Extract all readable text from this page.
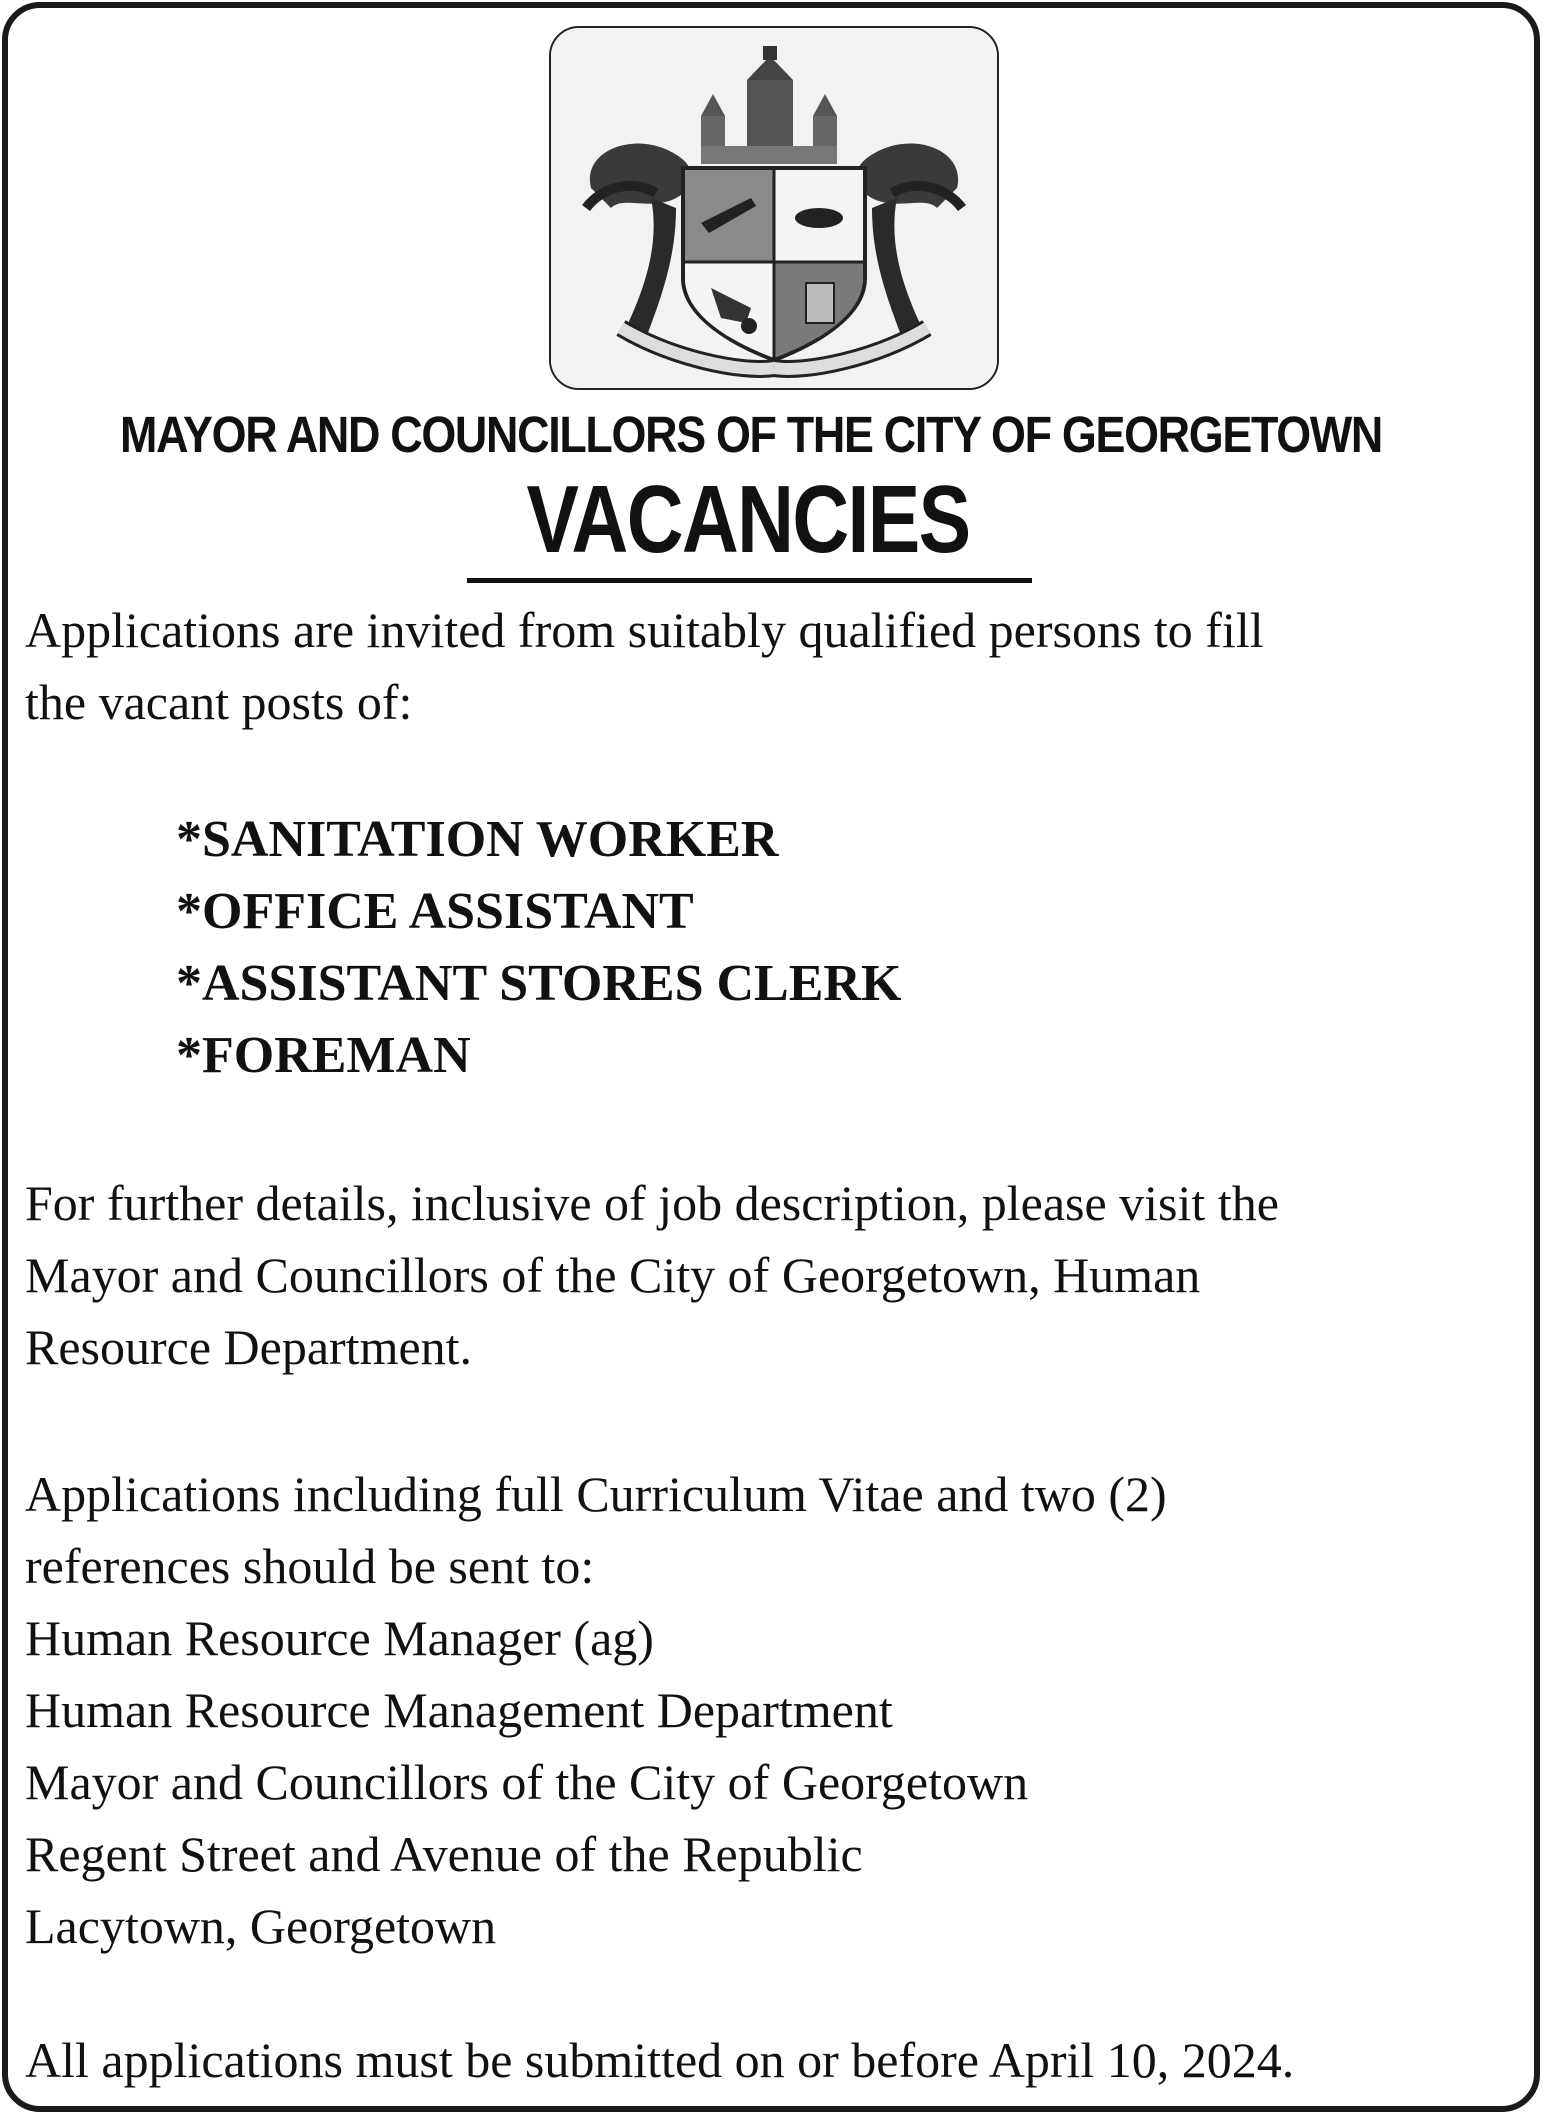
MAYOR AND COUNCILLORS OF THE CITY OF GEORGETOWN
VACANCIES
Applications are invited from suitably qualified persons to fill
the vacant posts of:
*SANITATION WORKER
*OFFICE ASSISTANT
*ASSISTANT STORES CLERK
*FOREMAN
For further details, inclusive of job description, please visit the
Mayor and Councillors of the City of Georgetown, Human
Resource Department.
Applications including full Curriculum Vitae and two (2)
references should be sent to:
Human Resource Manager (ag)
Human Resource Management Department
Mayor and Councillors of the City of Georgetown
Regent Street and Avenue of the Republic
Lacytown, Georgetown
All applications must be submitted on or before April 10, 2024.
